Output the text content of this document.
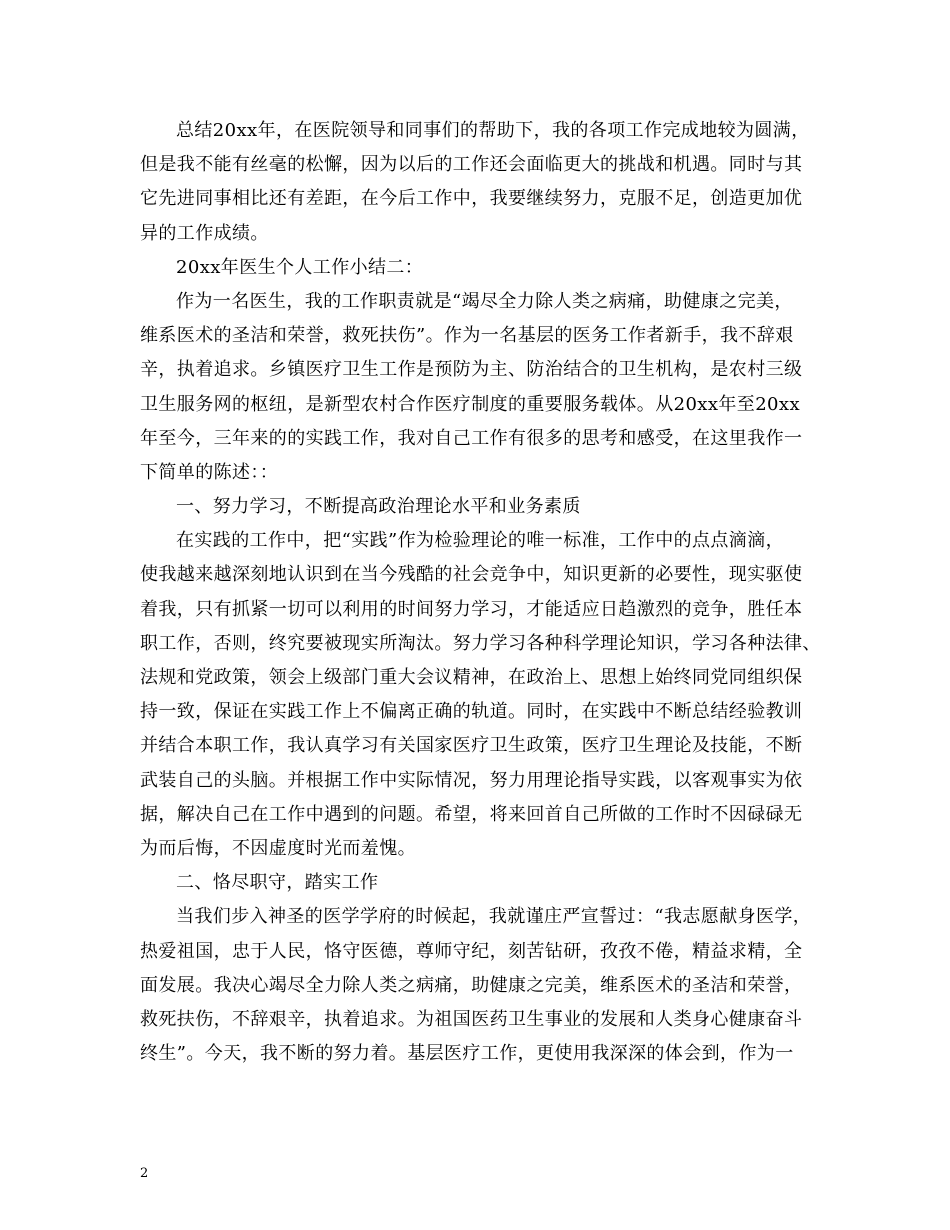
总结20xx年，在医院领导和同事们的帮助下，我的各项工作完成地较为圆满，
但是我不能有丝毫的松懈，因为以后的工作还会面临更大的挑战和机遇。同时与其
它先进同事相比还有差距，在今后工作中，我要继续努力，克服不足，创造更加优
异的工作成绩。
20xx年医生个人工作小结二：
作为一名医生，我的工作职责就是“竭尽全力除人类之病痛，助健康之完美，
维系医术的圣洁和荣誉，救死扶伤”。作为一名基层的医务工作者新手，我不辞艰
辛，执着追求。乡镇医疗卫生工作是预防为主、防治结合的卫生机构，是农村三级
卫生服务网的枢纽，是新型农村合作医疗制度的重要服务载体。从20xx年至20xx
年至今，三年来的的实践工作，我对自己工作有很多的思考和感受，在这里我作一
下简单的陈述：：
一、努力学习，不断提高政治理论水平和业务素质
在实践的工作中，把“实践”作为检验理论的唯一标准，工作中的点点滴滴，
使我越来越深刻地认识到在当今残酷的社会竞争中，知识更新的必要性，现实驱使
着我，只有抓紧一切可以利用的时间努力学习，才能适应日趋激烈的竞争，胜任本
职工作，否则，终究要被现实所淘汰。努力学习各种科学理论知识，学习各种法律、
法规和党政策，领会上级部门重大会议精神，在政治上、思想上始终同党同组织保
持一致，保证在实践工作上不偏离正确的轨道。同时，在实践中不断总结经验教训
并结合本职工作，我认真学习有关国家医疗卫生政策，医疗卫生理论及技能，不断
武装自己的头脑。并根据工作中实际情况，努力用理论指导实践，以客观事实为依
据，解决自己在工作中遇到的问题。希望，将来回首自己所做的工作时不因碌碌无
为而后悔，不因虚度时光而羞愧。
二、恪尽职守，踏实工作
当我们步入神圣的医学学府的时候起，我就谨庄严宣誓过：“我志愿献身医学，
热爱祖国，忠于人民，恪守医德，尊师守纪，刻苦钻研，孜孜不倦，精益求精，全
面发展。我决心竭尽全力除人类之病痛，助健康之完美，维系医术的圣洁和荣誉，
救死扶伤，不辞艰辛，执着追求。为祖国医药卫生事业的发展和人类身心健康奋斗
终生”。今天，我不断的努力着。基层医疗工作，更使用我深深的体会到，作为一
2
